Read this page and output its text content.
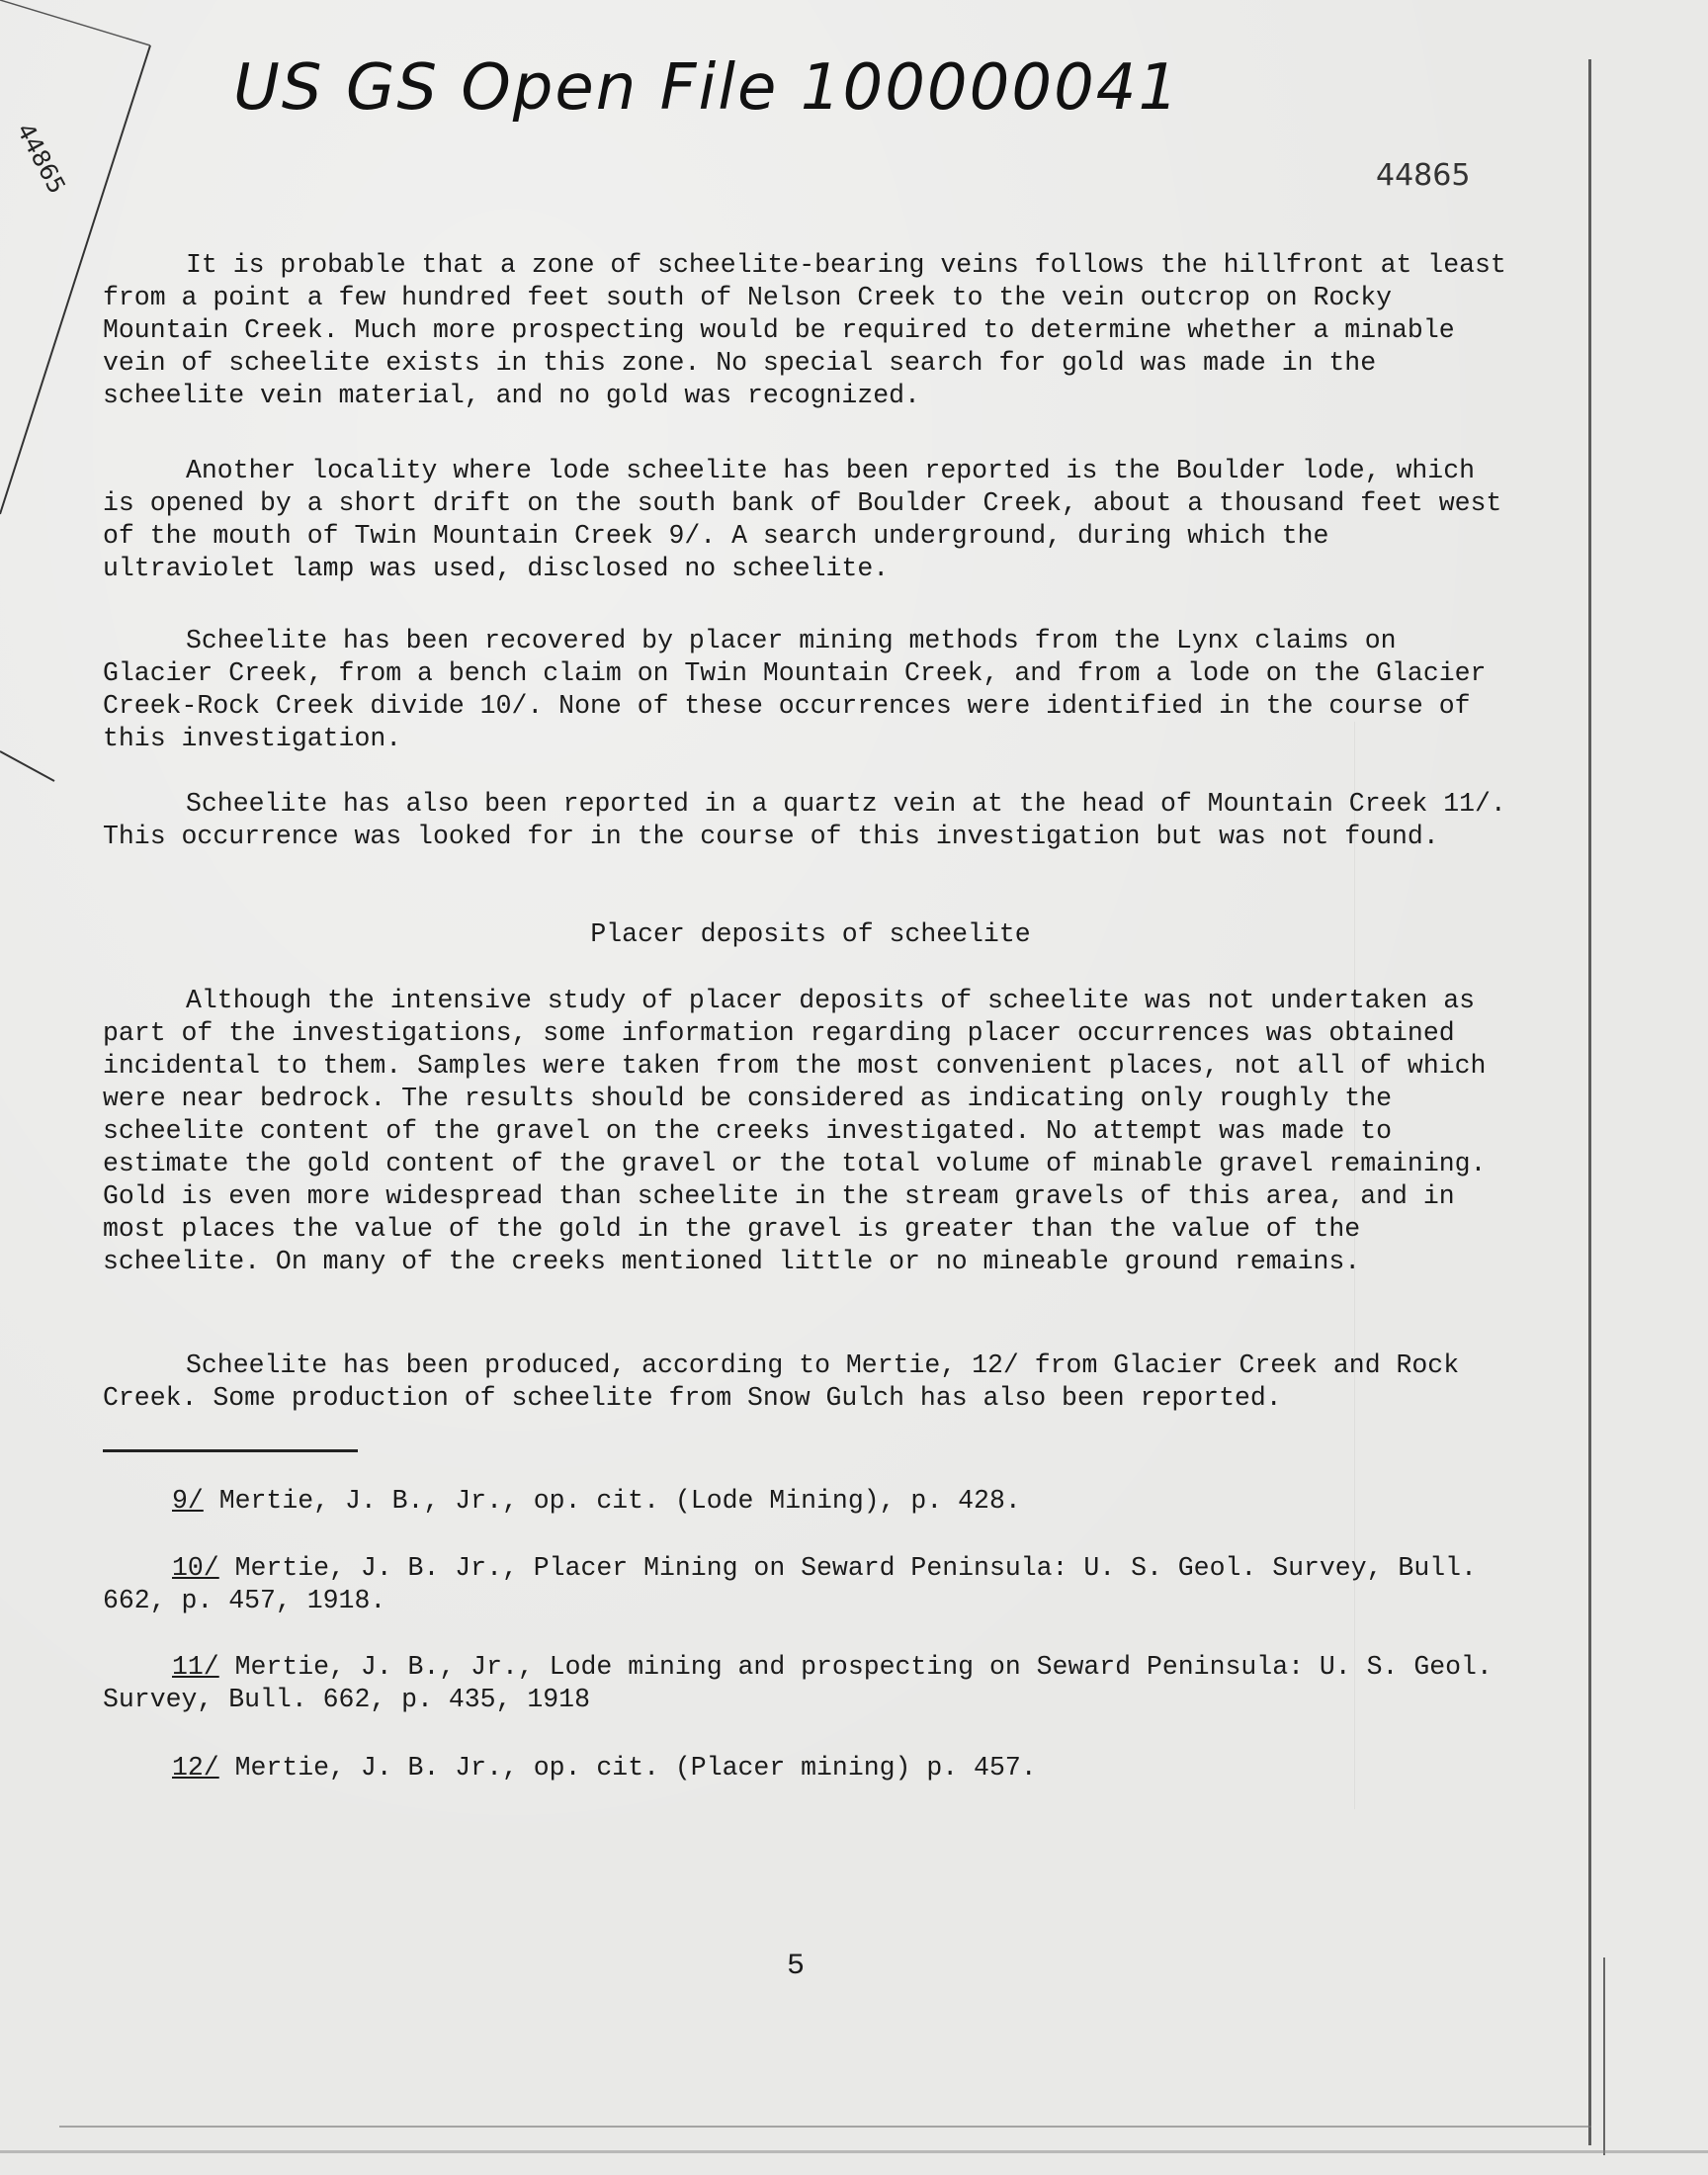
US GS Open File 100000041
44865	44865

It is probable that a zone of scheelite-bearing veins follows the hillfront at least from a point a few hundred feet south of Nelson Creek to the vein outcrop on Rocky Mountain Creek. Much more prospecting would be required to determine whether a minable vein of scheelite exists in this zone. No special search for gold was made in the scheelite vein material, and no gold was recognized.

Another locality where lode scheelite has been reported is the Boulder lode, which is opened by a short drift on the south bank of Boulder Creek, about a thousand feet west of the mouth of Twin Mountain Creek 9/. A search underground, during which the ultraviolet lamp was used, disclosed no scheelite.

Scheelite has been recovered by placer mining methods from the Lynx claims on Glacier Creek, from a bench claim on Twin Mountain Creek, and from a lode on the Glacier Creek-Rock Creek divide 10/. None of these occurrences were identified in the course of this investigation.

Scheelite has also been reported in a quartz vein at the head of Mountain Creek 11/. This occurrence was looked for in the course of this investigation but was not found.

Placer deposits of scheelite

Although the intensive study of placer deposits of scheelite was not undertaken as part of the investigations, some information regarding placer occurrences was obtained incidental to them. Samples were taken from the most convenient places, not all of which were near bedrock. The results should be considered as indicating only roughly the scheelite content of the gravel on the creeks investigated. No attempt was made to estimate the gold content of the gravel or the total volume of minable gravel remaining. Gold is even more widespread than scheelite in the stream gravels of this area, and in most places the value of the gold in the gravel is greater than the value of the scheelite. On many of the creeks mentioned little or no mineable ground remains.

Scheelite has been produced, according to Mertie, 12/ from Glacier Creek and Rock Creek. Some production of scheelite from Snow Gulch has also been reported.

9/ Mertie, J. B., Jr., op. cit. (Lode Mining), p. 428.

10/ Mertie, J. B. Jr., Placer Mining on Seward Peninsula: U. S. Geol. Survey, Bull. 662, p. 457, 1918.

11/ Mertie, J. B., Jr., Lode mining and prospecting on Seward Peninsula: U. S. Geol. Survey, Bull. 662, p. 435, 1918

12/ Mertie, J. B. Jr., op. cit. (Placer mining) p. 457.

5
